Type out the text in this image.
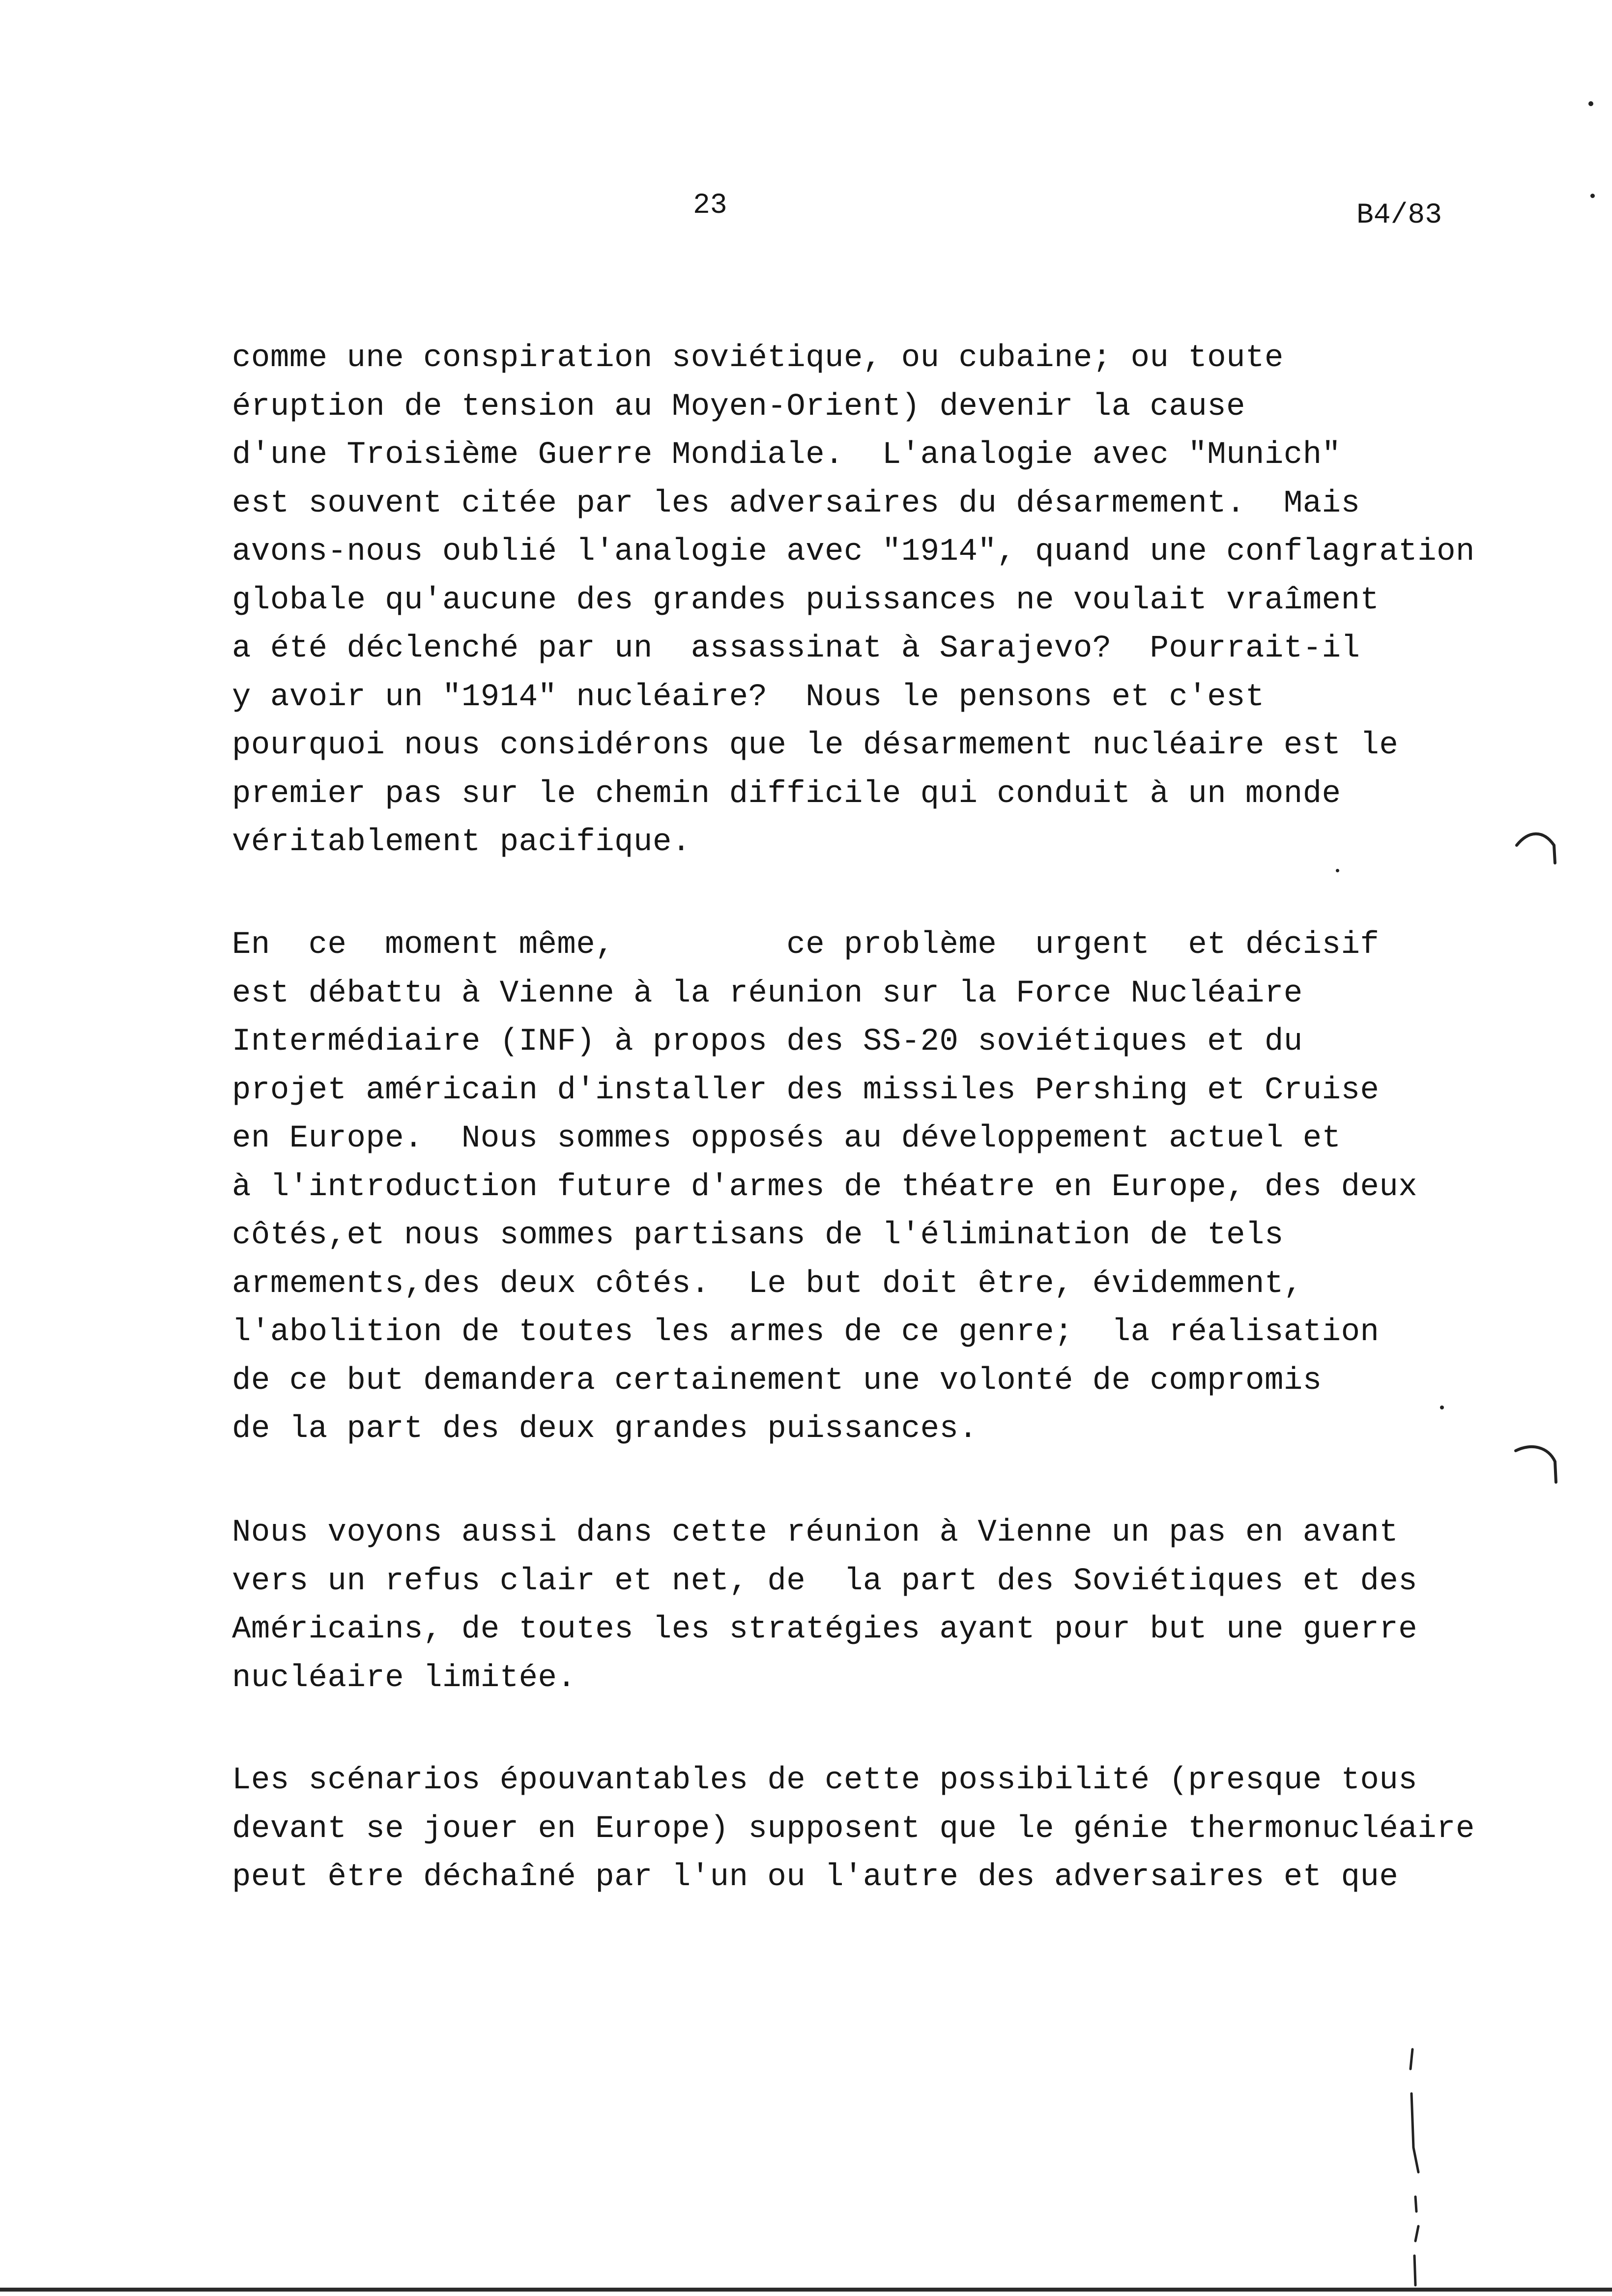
23	B4/83
comme une conspiration soviétique, ou cubaine; ou toute
éruption de tension au Moyen-Orient) devenir la cause
d'une Troisième Guerre Mondiale.  L'analogie avec "Munich"
est souvent citée par les adversaires du désarmement.  Mais
avons-nous oublié l'analogie avec "1914", quand une conflagration
globale qu'aucune des grandes puissances ne voulait vraîment
a été déclenché par un  assassinat à Sarajevo?  Pourrait-il
y avoir un "1914" nucléaire?  Nous le pensons et c'est
pourquoi nous considérons que le désarmement nucléaire est le
premier pas sur le chemin difficile qui conduit à un monde
véritablement pacifique.
En  ce  moment même,         ce problème  urgent  et décisif
est débattu à Vienne à la réunion sur la Force Nucléaire
Intermédiaire (INF) à propos des SS-20 soviétiques et du
projet américain d'installer des missiles Pershing et Cruise
en Europe.  Nous sommes opposés au développement actuel et
à l'introduction future d'armes de théatre en Europe, des deux
côtés,et nous sommes partisans de l'élimination de tels
armements,des deux côtés.  Le but doit être, évidemment,
l'abolition de toutes les armes de ce genre;  la réalisation
de ce but demandera certainement une volonté de compromis
de la part des deux grandes puissances.
Nous voyons aussi dans cette réunion à Vienne un pas en avant
vers un refus clair et net, de  la part des Soviétiques et des
Américains, de toutes les stratégies ayant pour but une guerre
nucléaire limitée.
Les scénarios épouvantables de cette possibilité (presque tous
devant se jouer en Europe) supposent que le génie thermonucléaire
peut être déchaîné par l'un ou l'autre des adversaires et que
